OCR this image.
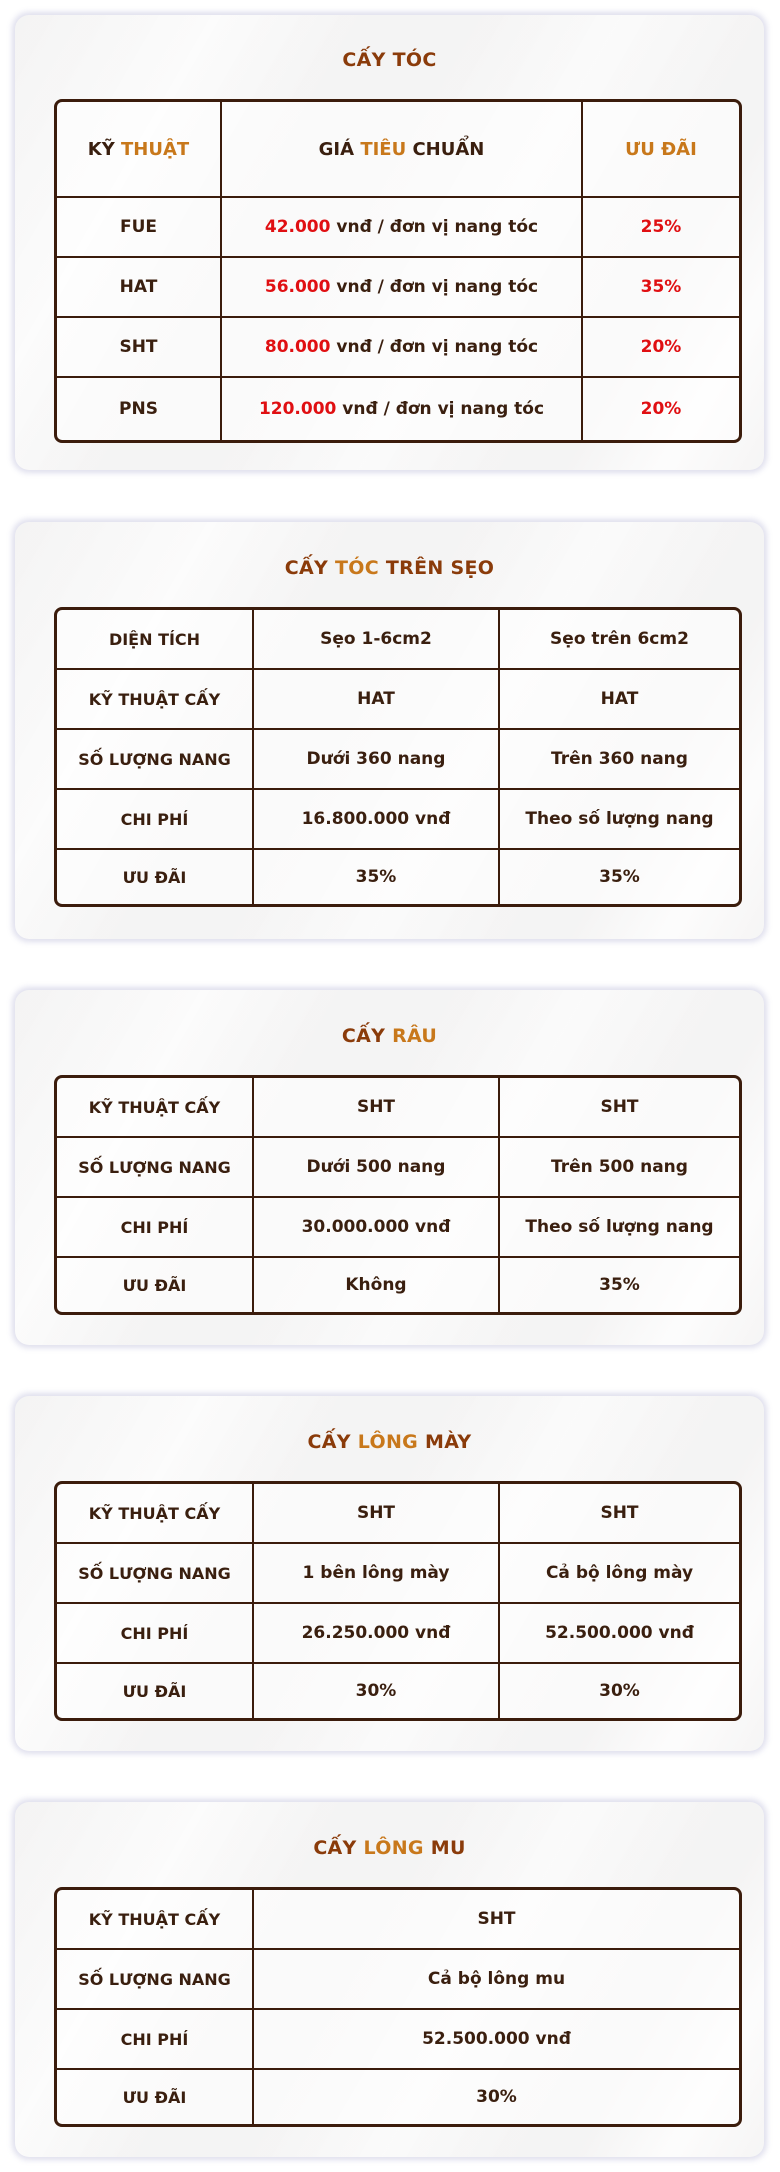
CẤY TÓC
KỸ THUẬT	GIÁ TIÊU CHUẨN	ƯU ĐÃI
FUE	42.000 vnđ / đơn vị nang tóc	25%
HAT	56.000 vnđ / đơn vị nang tóc	35%
SHT	80.000 vnđ / đơn vị nang tóc	20%
PNS	120.000 vnđ / đơn vị nang tóc	20%
CẤY TÓC TRÊN SẸO
DIỆN TÍCH	Sẹo 1-6cm2	Sẹo trên 6cm2
KỸ THUẬT CẤY	HAT	HAT
SỐ LƯỢNG NANG	Dưới 360 nang	Trên 360 nang
CHI PHÍ	16.800.000 vnđ	Theo số lượng nang
ƯU ĐÃI	35%	35%
CẤY RÂU
KỸ THUẬT CẤY	SHT	SHT
SỐ LƯỢNG NANG	Dưới 500 nang	Trên 500 nang
CHI PHÍ	30.000.000 vnđ	Theo số lượng nang
ƯU ĐÃI	Không	35%
CẤY LÔNG MÀY
KỸ THUẬT CẤY	SHT	SHT
SỐ LƯỢNG NANG	1 bên lông mày	Cả bộ lông mày
CHI PHÍ	26.250.000 vnđ	52.500.000 vnđ
ƯU ĐÃI	30%	30%
CẤY LÔNG MU
KỸ THUẬT CẤY	SHT
SỐ LƯỢNG NANG	Cả bộ lông mu
CHI PHÍ	52.500.000 vnđ
ƯU ĐÃI	30%
